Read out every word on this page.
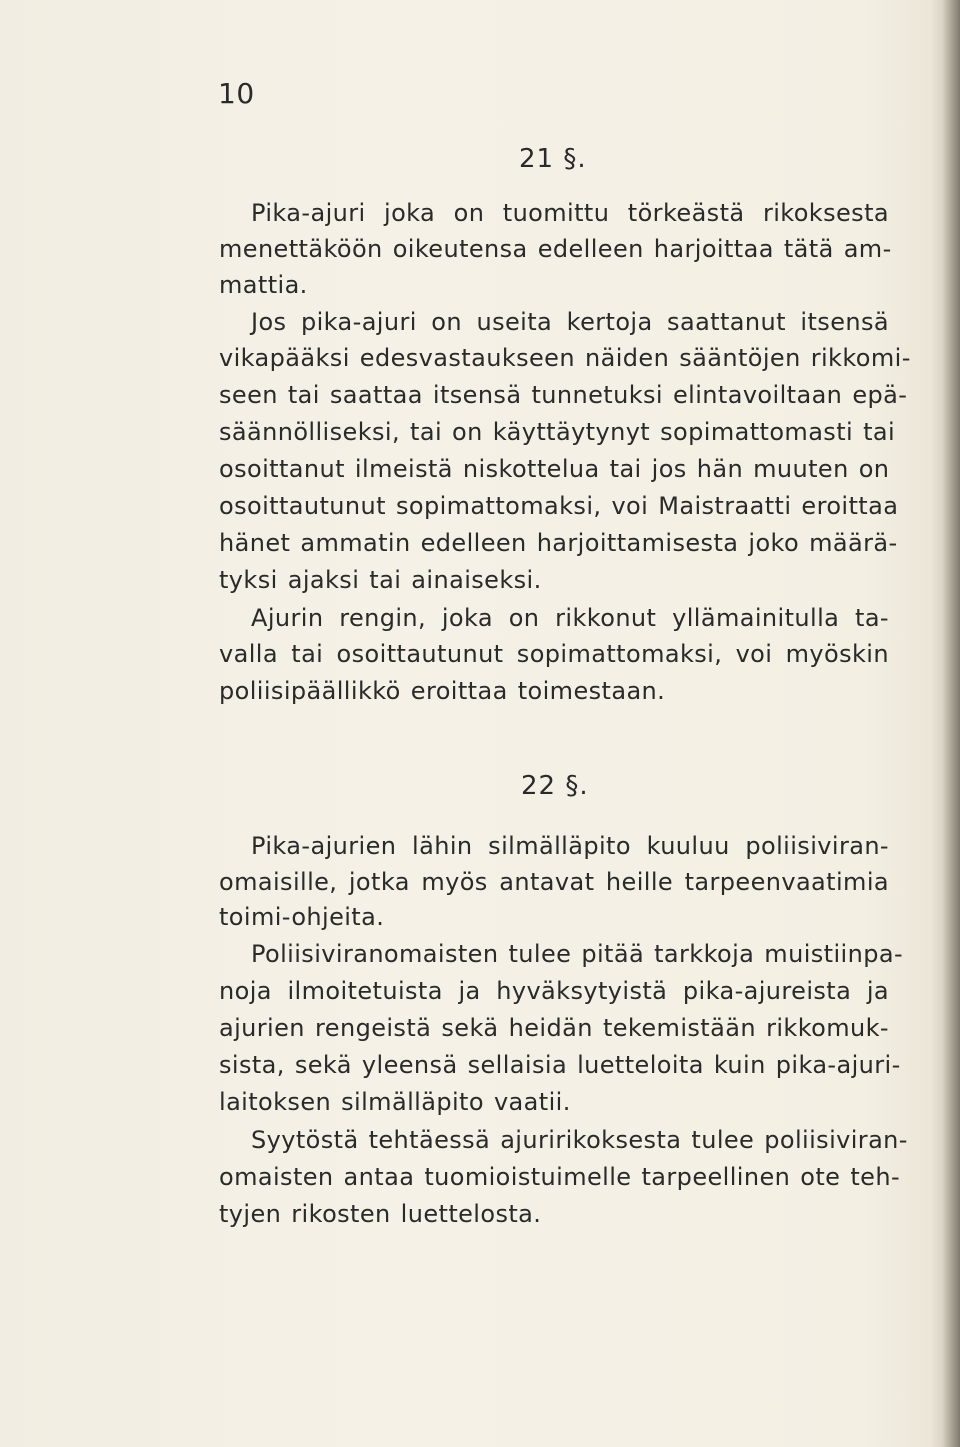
10
21 §.
Pika-ajuri joka on tuomittu törkeästä rikoksesta
menettäköön oikeutensa edelleen harjoittaa tätä am-
mattia.
Jos pika-ajuri on useita kertoja saattanut itsensä
vikapääksi edesvastaukseen näiden sääntöjen rikkomi-
seen tai saattaa itsensä tunnetuksi elintavoiltaan epä-
säännölliseksi, tai on käyttäytynyt sopimattomasti tai
osoittanut ilmeistä niskottelua tai jos hän muuten on
osoittautunut sopimattomaksi, voi Maistraatti eroittaa
hänet ammatin edelleen harjoittamisesta joko määrä-
tyksi ajaksi tai ainaiseksi.
Ajurin rengin, joka on rikkonut yllämainitulla ta-
valla tai osoittautunut sopimattomaksi, voi myöskin
poliisipäällikkö eroittaa toimestaan.
22 §.
Pika-ajurien lähin silmälläpito kuuluu poliisiviran-
omaisille, jotka myös antavat heille tarpeenvaatimia
toimi-ohjeita.
Poliisiviranomaisten tulee pitää tarkkoja muistiinpa-
noja ilmoitetuista ja hyväksytyistä pika-ajureista ja
ajurien rengeistä sekä heidän tekemistään rikkomuk-
sista, sekä yleensä sellaisia luetteloita kuin pika-ajuri-
laitoksen silmälläpito vaatii.
Syytöstä tehtäessä ajuririkoksesta tulee poliisiviran-
omaisten antaa tuomioistuimelle tarpeellinen ote teh-
tyjen rikosten luettelosta.
